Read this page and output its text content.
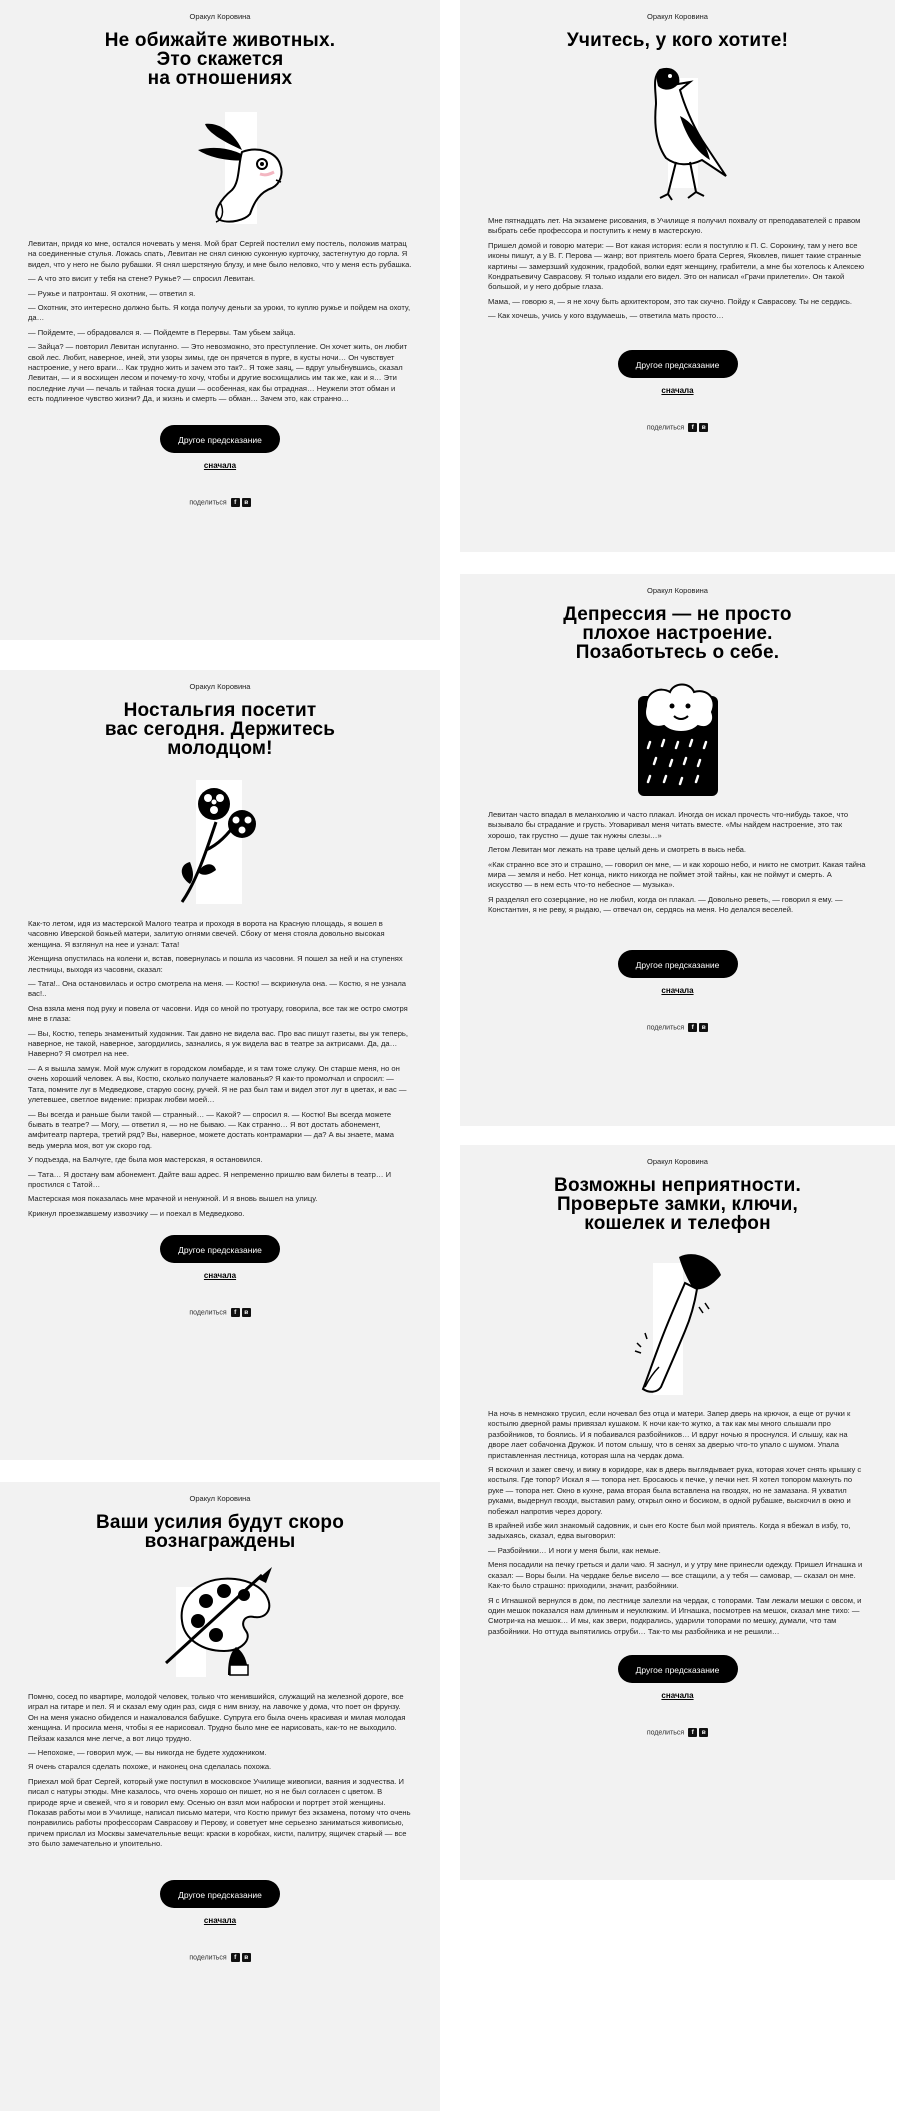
Оракул Коровина
Не обижайте животных.
Это скажется
на отношениях

Левитан, придя ко мне, остался ночевать у меня. Мой брат Сергей постелил ему постель, положив матрац на соединенные стулья. Ложась спать, Левитан не снял синюю суконную курточку, застегнутую до горла. Я видел, что у него не было рубашки. Я снял шерстяную блузу, и мне было неловко, что у меня есть рубашка.

— А что это висит у тебя на стене? Ружье? — спросил Левитан.

— Ружье и патронташ. Я охотник, — ответил я.

— Охотник, это интересно должно быть. Я когда получу деньги за уроки, то куплю ружье и пойдем на охоту, да…

— Пойдемте, — обрадовался я. — Пойдемте в Перервы. Там убьем зайца.

— Зайца? — повторил Левитан испуганно. — Это невозможно, это преступление. Он хочет жить, он любит свой лес. Любит, наверное, иней, эти узоры зимы, где он прячется в пурге, в кусты ночи… Он чувствует настроение, у него враги… Как трудно жить и зачем это так?.. Я тоже заяц, — вдруг улыбнувшись, сказал Левитан, — и я восхищен лесом и почему-то хочу, чтобы и другие восхищались им так же, как и я… Эти последние лучи — печаль и тайная тоска души — особенная, как бы отрадная… Неужели этот обман и есть подлинное чувство жизни? Да, и жизнь и смерть — обман… Зачем это, как странно…

Другое предсказание
сначала
поделиться f в
Оракул Коровина
Учитесь, у кого хотите!

Мне пятнадцать лет. На экзамене рисования, в Училище я получил похвалу от преподавателей с правом выбрать себе профессора и поступить к нему в мастерскую.

Пришел домой и говорю матери: — Вот какая история: если я поступлю к П. С. Сорокину, там у него все иконы пишут, а у В. Г. Перова — жанр; вот приятель моего брата Сергея, Яковлев, пишет такие странные картины — замерзший художник, градобой, волки едят женщину, грабители, а мне бы хотелось к Алексею Кондратьевичу Саврасову. Я только издали его видел. Это он написал «Грачи прилетели». Он такой большой, и у него добрые глаза.

Мама, — говорю я, — я не хочу быть архитектором, это так скучно. Пойду к Саврасову. Ты не сердись.

— Как хочешь, учись у кого вздумаешь, — ответила мать просто…

Другое предсказание
сначала
поделиться f в
Оракул Коровина
Депрессия — не просто
плохое настроение.
Позаботьтесь о себе.

Левитан часто впадал в меланхолию и часто плакал. Иногда он искал прочесть что-нибудь такое, что вызывало бы страдание и грусть. Уговаривал меня читать вместе. «Мы найдем настроение, это так хорошо, так грустно — душе так нужны слезы…»

Летом Левитан мог лежать на траве целый день и смотреть в высь неба.

«Как странно все это и страшно, — говорил он мне, — и как хорошо небо, и никто не смотрит. Какая тайна мира — земля и небо. Нет конца, никто никогда не поймет этой тайны, как не поймут и смерть. А искусство — в нем есть что-то небесное — музыка».

Я разделял его созерцание, но не любил, когда он плакал. — Довольно реветь, — говорил я ему. — Константин, я не реву, я рыдаю, — отвечал он, сердясь на меня. Но делался веселей.

Другое предсказание
сначала
поделиться f в
Оракул Коровина
Ностальгия посетит
вас сегодня. Держитесь
молодцом!

Как-то летом, идя из мастерской Малого театра и проходя в ворота на Красную площадь, я вошел в часовню Иверской божьей матери, залитую огнями свечей. Сбоку от меня стояла довольно высокая женщина. Я взглянул на нее и узнал: Тата!

Женщина опустилась на колени и, встав, повернулась и пошла из часовни. Я пошел за ней и на ступенях лестницы, выходя из часовни, сказал:

— Тата!.. Она остановилась и остро смотрела на меня. — Костю! — вскрикнула она. — Костю, я не узнала вас!..

Она взяла меня под руку и повела от часовни. Идя со мной по тротуару, говорила, все так же остро смотря мне в глаза:

— Вы, Костю, теперь знаменитый художник. Так давно не видела вас. Про вас пишут газеты, вы уж теперь, наверное, не такой, наверное, загордились, зазнались, я уж видела вас в театре за актрисами. Да, да… Наверно? Я смотрел на нее.

— А я вышла замуж. Мой муж служит в городском ломбарде, и я там тоже служу. Он старше меня, но он очень хороший человек. А вы, Костю, сколько получаете жалованья? Я как-то промолчал и спросил: — Тата, помните луг в Медведкове, старую сосну, ручей. Я не раз был там и видел этот луг в цветах, и вас — улетевшее, светлое видение: призрак любви моей…

— Вы всегда и раньше были такой — странный… — Какой? — спросил я. — Костю! Вы всегда можете бывать в театре? — Могу, — ответил я, — но не бываю. — Как странно… Я вот достать абонемент, амфитеатр партера, третий ряд? Вы, наверное, можете достать контрамарки — да? А вы знаете, мама ведь умерла моя, вот уж скоро год.

У подъезда, на Балчуге, где была моя мастерская, я остановился.

— Тата… Я достану вам абонемент. Дайте ваш адрес. Я непременно пришлю вам билеты в театр… И простился с Татой…

Мастерская моя показалась мне мрачной и ненужной. И я вновь вышел на улицу.

Крикнул проезжавшему извозчику — и поехал в Медведково.

Другое предсказание
сначала
поделиться f в
Оракул Коровина
Возможны неприятности.
Проверьте замки, ключи,
кошелек и телефон

На ночь в немножко трусил, если ночевал без отца и матери. Запер дверь на крючок, а еще от ручки к костылю дверной рамы привязал кушаком. К ночи как-то жутко, а так как мы много слышали про разбойников, то боялись. И я побаивался разбойников… И вдруг ночью я проснулся. И слышу, как на дворе лает собачонка Дружок. И потом слышу, что в сенях за дверью что-то упало с шумом. Упала приставленная лестница, которая шла на чердак дома.

Я вскочил и зажег свечу, и вижу в коридоре, как в дверь выглядывает рука, которая хочет снять крышку с костыля. Где топор? Искал я — топора нет. Бросаюсь к печке, у печки нет. Я хотел топором махнуть по руке — топора нет. Окно в кухне, рама вторая была вставлена на гвоздях, но не замазана. Я ухватил руками, выдернул гвозди, выставил раму, открыл окно и босиком, в одной рубашке, выскочил в окно и побежал напротив через дорогу.

В крайней избе жил знакомый садовник, и сын его Косте был мой приятель. Когда я вбежал в избу, то, задыхаясь, сказал, едва выговорил:

— Разбойники… И ноги у меня были, как немые.

Меня посадили на печку греться и дали чаю. Я заснул, и у утру мне принесли одежду. Пришел Игнашка и сказал: — Воры были. На чердаке белье висело — все стащили, а у тебя — самовар, — сказал он мне. Как-то было страшно: приходили, значит, разбойники.

Я с Игнашкой вернулся в дом, по лестнице залезли на чердак, с топорами. Там лежали мешки с овсом, и один мешок показался нам длинным и неуклюжим. И Игнашка, посмотрев на мешок, сказал мне тихо: — Смотри-ка на мешок… И мы, как звери, подкрались, ударили топорами по мешку, думали, что там разбойники. Но оттуда выпятились отруби… Так-то мы разбойника и не решили…

Другое предсказание
сначала
поделиться f в
Оракул Коровина
Ваши усилия будут скоро
вознаграждены

Помню, сосед по квартире, молодой человек, только что женившийся, служащий на железной дороге, все играл на гитаре и пел. Я и сказал ему один раз, сидя с ним внизу, на лавочке у дома, что поет он фрунзу. Он на меня ужасно обиделся и нажаловался бабушке. Супруга его была очень красивая и милая молодая женщина. И просила меня, чтобы я ее нарисовал. Трудно было мне ее нарисовать, как-то не выходило. Пейзаж казался мне легче, а вот лицо трудно.

— Непохоже, — говорил муж, — вы никогда не будете художником.

Я очень старался сделать похоже, и наконец она сделалась похожа.

Приехал мой брат Сергей, который уже поступил в московское Училище живописи, ваяния и зодчества. И писал с натуры этюды. Мне казалось, что очень хорошо он пишет, но я не был согласен с цветом. В природе ярче и свежей, что я и говорил ему. Осенью он взял мои наброски и портрет этой женщины. Показав работы мои в Училище, написал письмо матери, что Костю примут без экзамена, потому что очень понравились работы профессорам Саврасову и Перову, и советует мне серьезно заниматься живописью, причем прислал из Москвы замечательные вещи: краски в коробках, кисти, палитру, ящичек старый — все это было замечательно и упоительно.

Другое предсказание
сначала
поделиться f в
